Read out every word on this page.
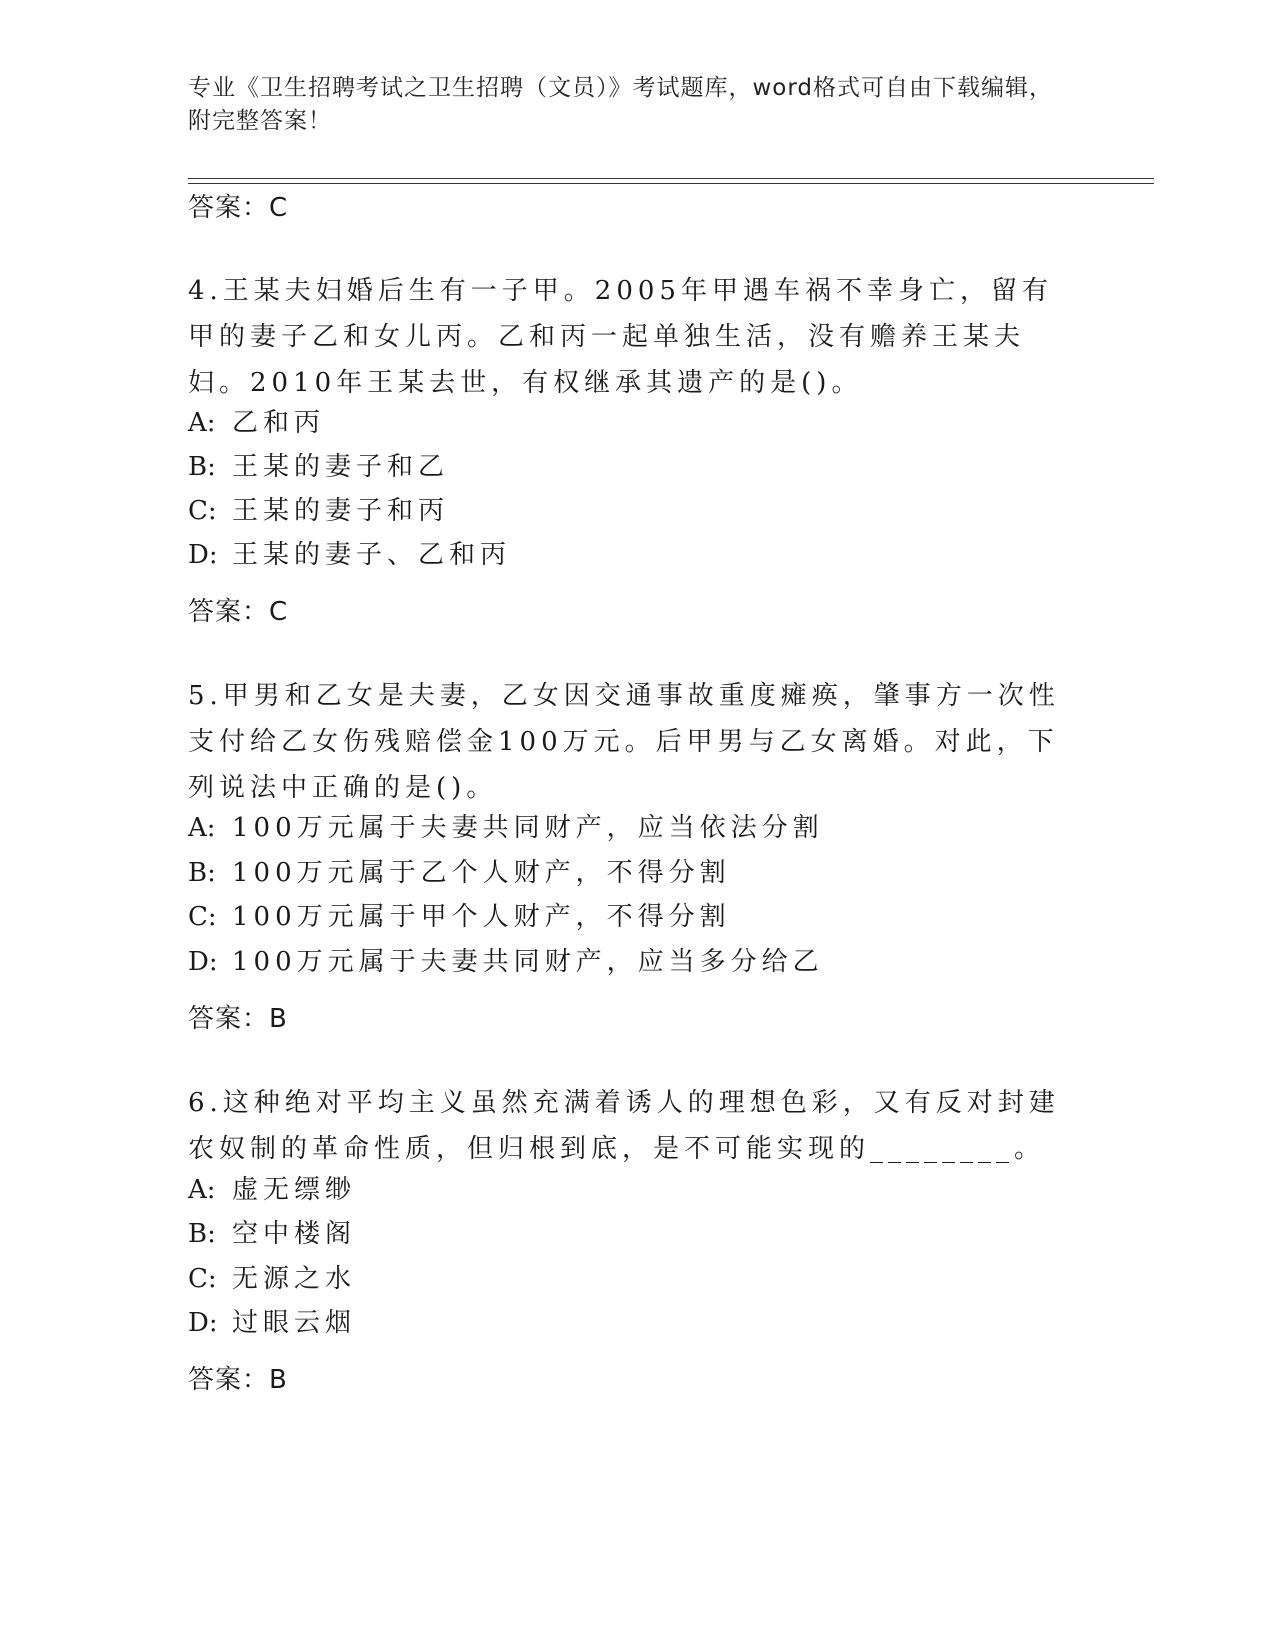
专业《卫生招聘考试之卫生招聘（文员）》考试题库，word格式可自由下载编辑，附完整答案！
答案：C
4.王某夫妇婚后生有一子甲。2005年甲遇车祸不幸身亡，留有甲的妻子乙和女儿丙。乙和丙一起单独生活，没有赡养王某夫妇。2010年王某去世，有权继承其遗产的是()。
A: 乙和丙
B: 王某的妻子和乙
C: 王某的妻子和丙
D: 王某的妻子、乙和丙
答案：C
5.甲男和乙女是夫妻，乙女因交通事故重度瘫痪，肇事方一次性支付给乙女伤残赔偿金100万元。后甲男与乙女离婚。对此，下列说法中正确的是()。
A: 100万元属于夫妻共同财产，应当依法分割
B: 100万元属于乙个人财产，不得分割
C: 100万元属于甲个人财产，不得分割
D: 100万元属于夫妻共同财产，应当多分给乙
答案：B
6.这种绝对平均主义虽然充满着诱人的理想色彩，又有反对封建农奴制的革命性质，但归根到底，是不可能实现的________。
A: 虚无缥缈
B: 空中楼阁
C: 无源之水
D: 过眼云烟
答案：B
